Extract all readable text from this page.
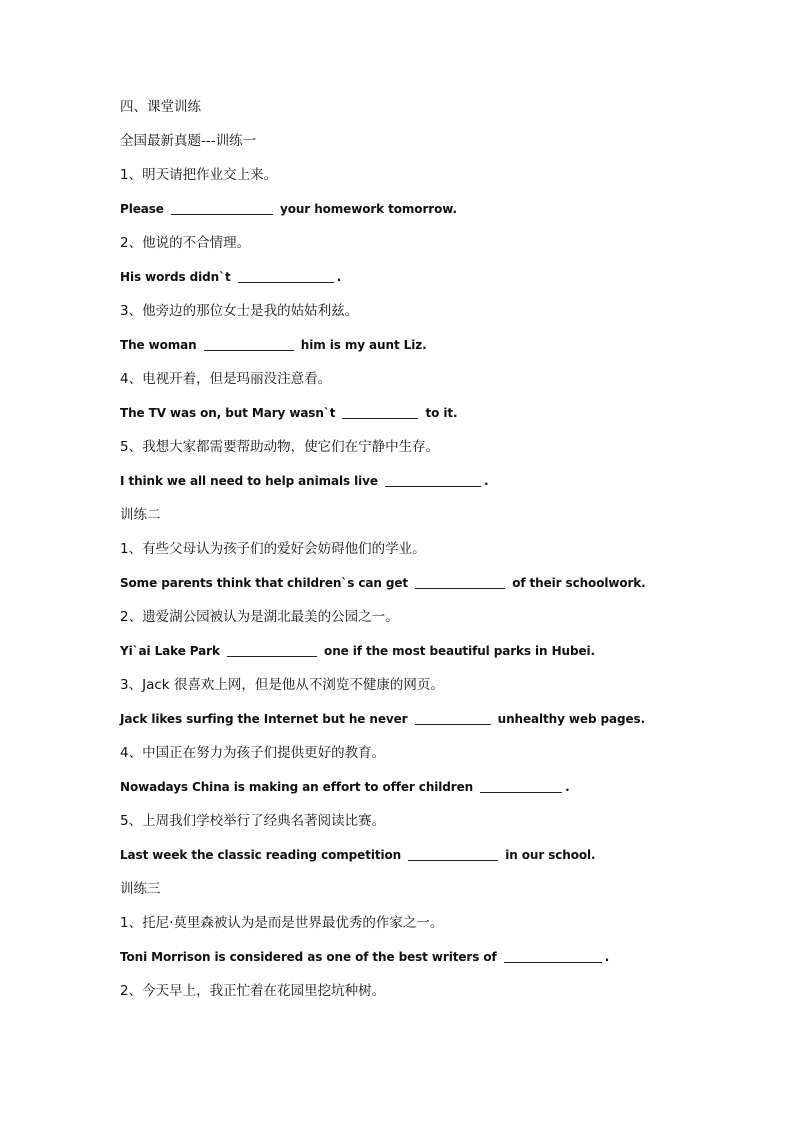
四、课堂训练
全国最新真题---训练一
1、明天请把作业交上来。
Please	your homework tomorrow.
2、他说的不合情理。
His words didn`t	.
3、他旁边的那位女士是我的姑姑利兹。
The woman	him is my aunt Liz.
4、电视开着，但是玛丽没注意看。
The TV was on, but Mary wasn`t	to it.
5、我想大家都需要帮助动物，使它们在宁静中生存。
I think we all need to help animals live	.
训练二
1、有些父母认为孩子们的爱好会妨碍他们的学业。
Some parents think that children`s can get	of their schoolwork.
2、遗爱湖公园被认为是湖北最美的公园之一。
Yi`ai Lake Park	one if the most beautiful parks in Hubei.
3、Jack 很喜欢上网，但是他从不浏览不健康的网页。
Jack likes surfing the Internet but he never	unhealthy web pages.
4、中国正在努力为孩子们提供更好的教育。
Nowadays China is making an effort to offer children	.
5、上周我们学校举行了经典名著阅读比赛。
Last week the classic reading competition	in our school.
训练三
1、托尼·莫里森被认为是而是世界最优秀的作家之一。
Toni Morrison is considered as one of the best writers of	.
2、今天早上，我正忙着在花园里挖坑种树。
